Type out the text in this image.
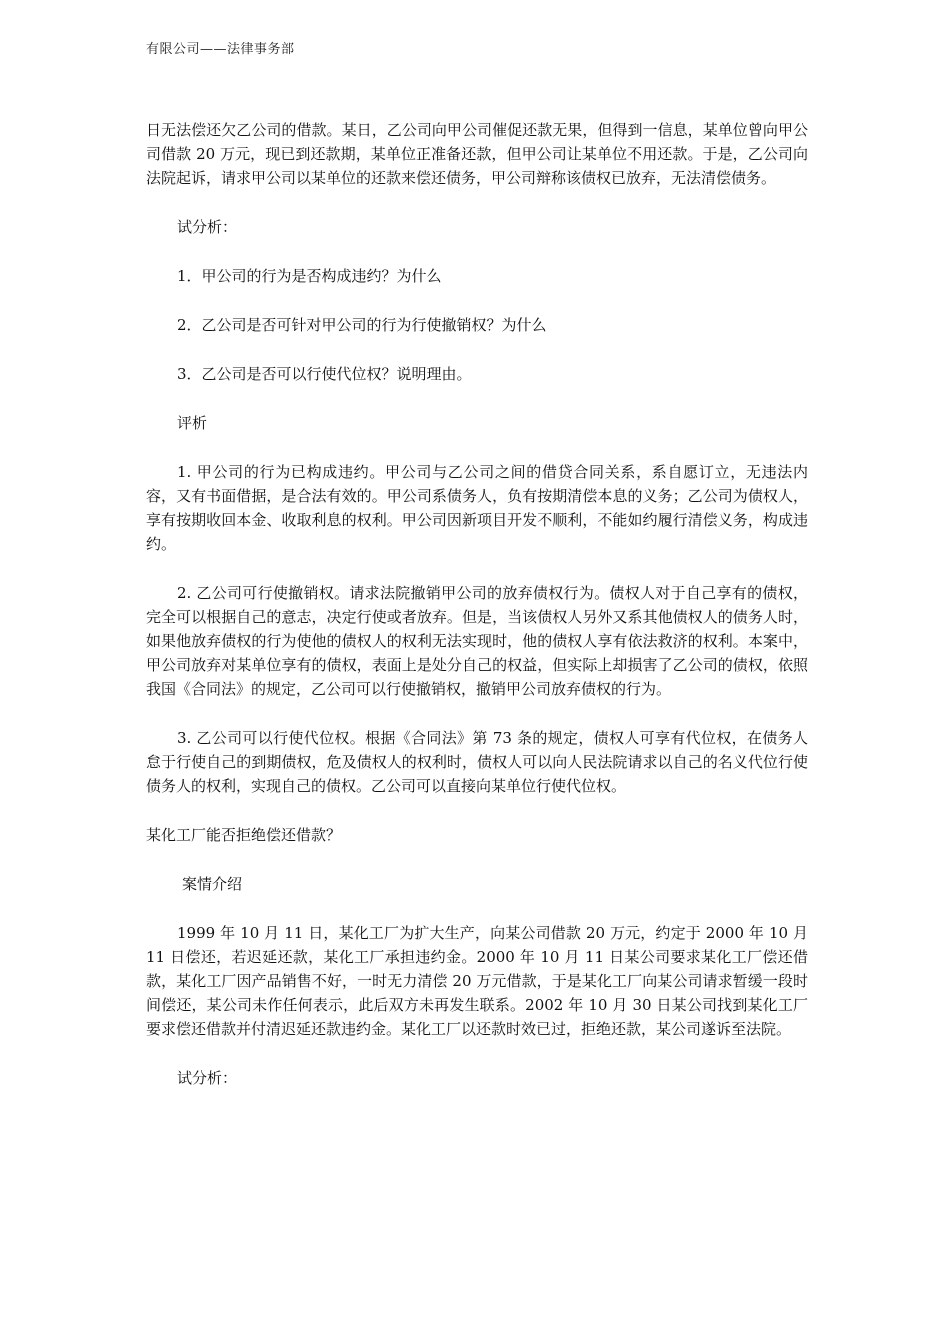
有限公司——法律事务部

日无法偿还欠乙公司的借款。某日，乙公司向甲公司催促还款无果，但得到一信息，某单位曾向甲公司借款 20 万元，现已到还款期，某单位正准备还款，但甲公司让某单位不用还款。于是，乙公司向法院起诉，请求甲公司以某单位的还款来偿还债务，甲公司辩称该债权已放弃，无法清偿债务。

试分析：

1．甲公司的行为是否构成违约？为什么

2．乙公司是否可针对甲公司的行为行使撤销权？为什么

3．乙公司是否可以行使代位权？说明理由。

评析

1. 甲公司的行为已构成违约。甲公司与乙公司之间的借贷合同关系，系自愿订立，无违法内容，又有书面借据，是合法有效的。甲公司系债务人，负有按期清偿本息的义务；乙公司为债权人，享有按期收回本金、收取利息的权利。甲公司因新项目开发不顺利，不能如约履行清偿义务，构成违约。

2. 乙公司可行使撤销权。请求法院撤销甲公司的放弃债权行为。债权人对于自己享有的债权，完全可以根据自己的意志，决定行使或者放弃。但是，当该债权人另外又系其他债权人的债务人时，如果他放弃债权的行为使他的债权人的权利无法实现时，他的债权人享有依法救济的权利。本案中，甲公司放弃对某单位享有的债权，表面上是处分自己的权益，但实际上却损害了乙公司的债权，依照我国《合同法》的规定，乙公司可以行使撤销权，撤销甲公司放弃债权的行为。

3. 乙公司可以行使代位权。根据《合同法》第 73 条的规定，债权人可享有代位权，在债务人怠于行使自己的到期债权，危及债权人的权利时，债权人可以向人民法院请求以自己的名义代位行使债务人的权利，实现自己的债权。乙公司可以直接向某单位行使代位权。

某化工厂能否拒绝偿还借款？

案情介绍

1999 年 10 月 11 日，某化工厂为扩大生产，向某公司借款 20 万元，约定于 2000 年 10 月 11 日偿还，若迟延还款，某化工厂承担违约金。2000 年 10 月 11 日某公司要求某化工厂偿还借款，某化工厂因产品销售不好，一时无力清偿 20 万元借款，于是某化工厂向某公司请求暂缓一段时间偿还，某公司未作任何表示，此后双方未再发生联系。2002 年 10 月 30 日某公司找到某化工厂要求偿还借款并付清迟延还款违约金。某化工厂以还款时效已过，拒绝还款，某公司遂诉至法院。

试分析：
